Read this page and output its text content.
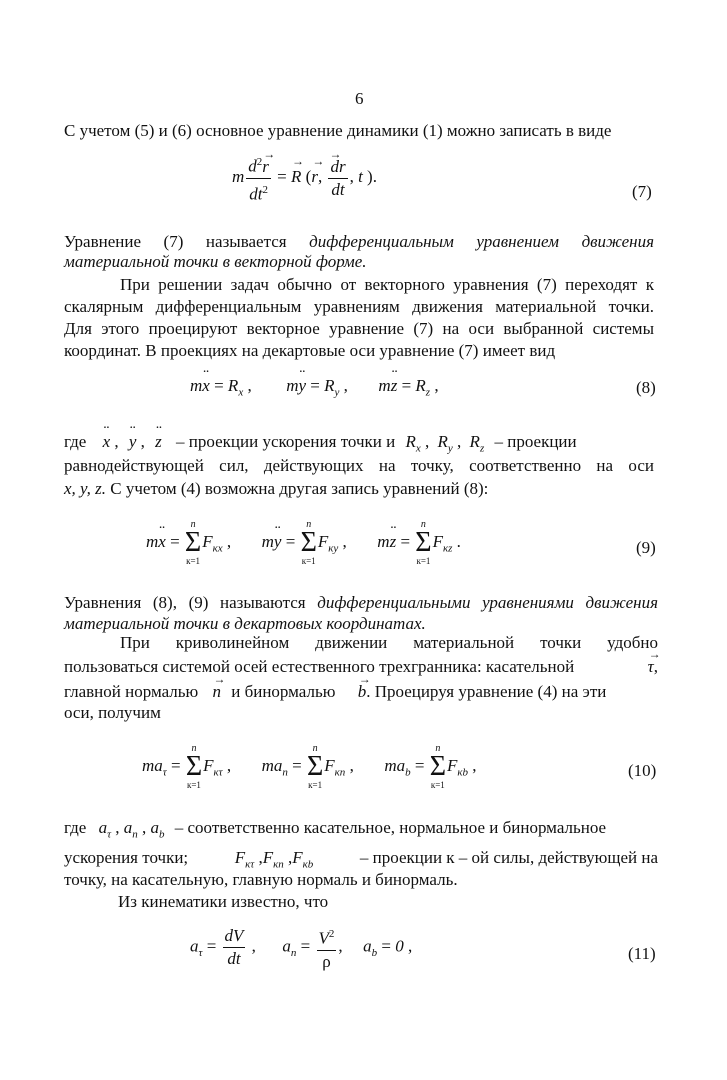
6
С учетом (5) и (6) основное уравнение динамики (1) можно записать в виде
m $\frac{d^2\to r}{dt^2}$ = → R (→ r, → $\frac{dr}{dt}$ , t ).
(7)
Уравнение (7) называется дифференциальным уравнением движения
материальной точки в векторной форме.
При решении задач обычно от векторного уравнения (7) переходят к
скалярным дифференциальным уравнениям движения материальной точки.
Для этого проецируют векторное уравнение (7) на оси выбранной системы
координат. В проекциях на декартовые оси уравнение (7) имеет вид
m¨ $x = R_x$ , m¨ $y = R_y$ , m¨ $z = R_z$ ,	(8)
где ¨ x , ¨ y , ¨ z – проекции ускорения точки и $R_x$ , $R_y$ , $R_z$ – проекции
равнодействующей сил, действующих на точку, соответственно на оси
x, y, z. С учетом (4) возможна другая запись уравнений (8):
m¨ x =
n
Σ
к=1
$F_{кх}$ , m¨ y =
n
Σ
к=1
$F_{ку}$ , m¨ z =
n
Σ
к=1
$F_{кz}$ .	(9)
Уравнения (8), (9) называются дифференциальными уравнениями движения
материальной точки в декартовых координатах.
При криволинейном движении материальной точки удобно
пользоваться системой осей естественного трехгранника: касательной	→ τ,
главной нормалью → n и бинормалью → b. Проецируя уравнение (4) на эти
оси, получим
$ma_\tau$ =
n
Σ
к=1
$F_{к\tau}$ , $ma_n$ =
n
Σ
к=1
$F_{кn}$ , $ma_b$ =
n
Σ
к=1
$F_{кb}$ ,	(10)
где $a_\tau$ , $a_n$ , $a_b$ – соответственно касательное, нормальное и бинормальное
ускорения точки;	$F_{к\tau}$ $,F_{кn}$ $,F_{кb}$	– проекции к – ой силы, действующей на
точку, на касательную, главную нормаль и бинормаль.
Из кинематики известно, что
$a_\tau = \frac{dV}{dt}$ , $a_n = \frac{V^2}{\rho}$ , $a_b = 0$ ,	(11)
